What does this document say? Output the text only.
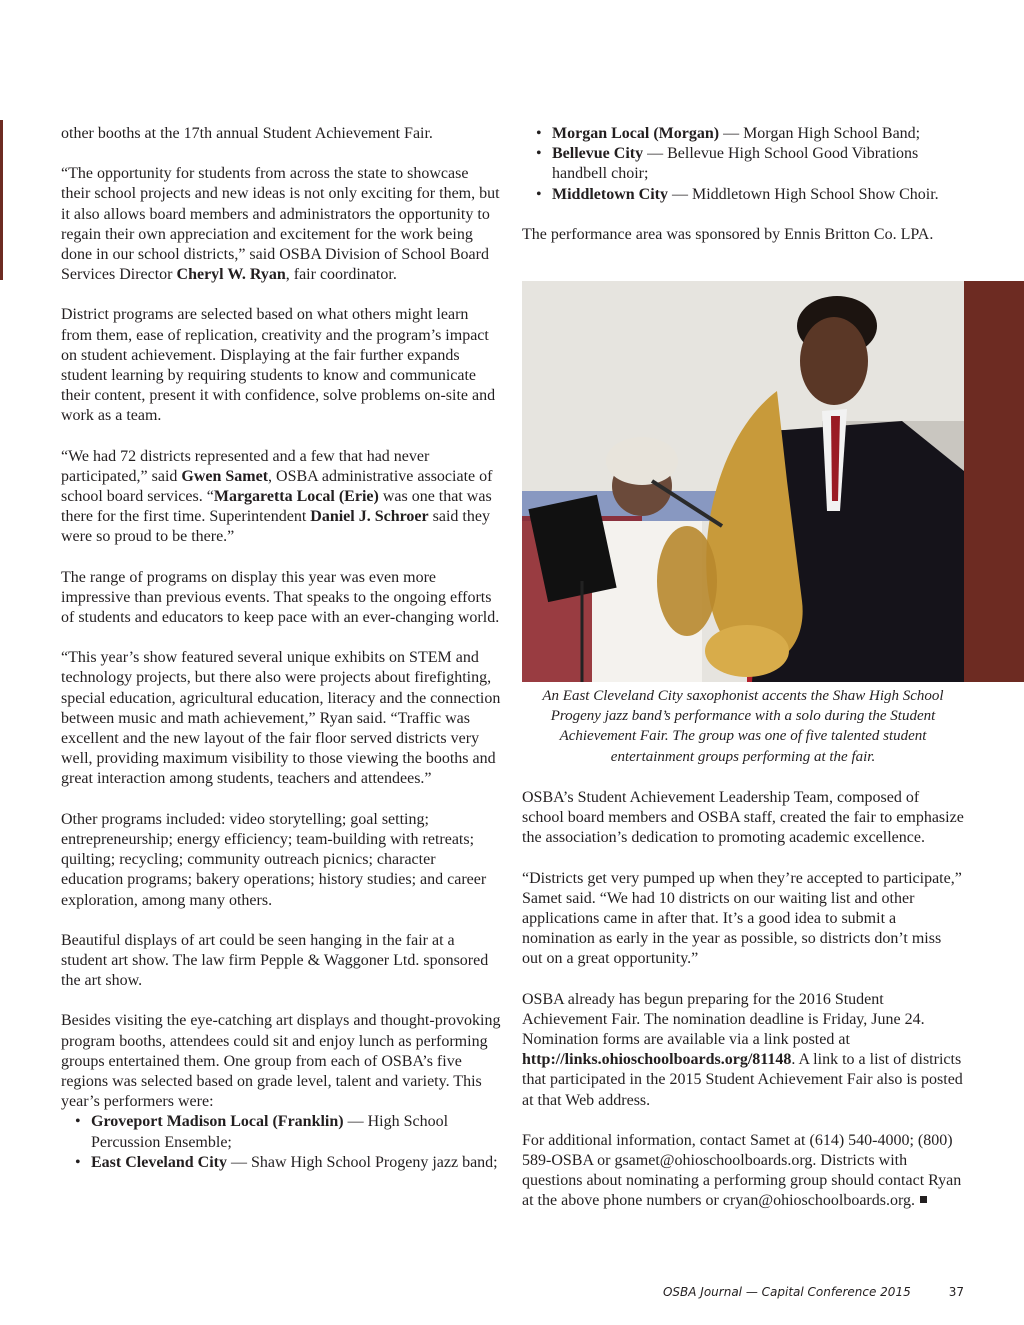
other booths at the 17th annual Student Achievement Fair.

“The opportunity for students from across the state to showcase their school projects and new ideas is not only exciting for them, but it also allows board members and administrators the opportunity to regain their own appreciation and excitement for the work being done in our school districts,” said OSBA Division of School Board Services Director Cheryl W. Ryan, fair coordinator.

District programs are selected based on what others might learn from them, ease of replication, creativity and the program’s impact on student achievement. Displaying at the fair further expands student learning by requiring students to know and communicate their content, present it with confidence, solve problems on-site and work as a team.

“We had 72 districts represented and a few that had never participated,” said Gwen Samet, OSBA administrative associate of school board services. “Margaretta Local (Erie) was one that was there for the first time. Superintendent Daniel J. Schroer said they were so proud to be there.”

The range of programs on display this year was even more impressive than previous events. That speaks to the ongoing efforts of students and educators to keep pace with an ever-changing world.

“This year’s show featured several unique exhibits on STEM and technology projects, but there also were projects about firefighting, special education, agricultural education, literacy and the connection between music and math achievement,” Ryan said. “Traffic was excellent and the new layout of the fair floor served districts very well, providing maximum visibility to those viewing the booths and great interaction among students, teachers and attendees.”

Other programs included: video storytelling; goal setting; entrepreneurship; energy efficiency; team-building with retreats; quilting; recycling; community outreach picnics; character education programs; bakery operations; history studies; and career exploration, among many others.

Beautiful displays of art could be seen hanging in the fair at a student art show. The law firm Pepple & Waggoner Ltd. sponsored the art show.

Besides visiting the eye-catching art displays and thought-provoking program booths, attendees could sit and enjoy lunch as performing groups entertained them. One group from each of OSBA’s five regions was selected based on grade level, talent and variety. This year’s performers were:

• Groveport Madison Local (Franklin) — High School Percussion Ensemble;
• East Cleveland City — Shaw High School Progeny jazz band;
• Morgan Local (Morgan) — Morgan High School Band;
• Bellevue City — Bellevue High School Good Vibrations handbell choir;
• Middletown City — Middletown High School Show Choir.

The performance area was sponsored by Ennis Britton Co. LPA.

An East Cleveland City saxophonist accents the Shaw High School Progeny jazz band’s performance with a solo during the Student Achievement Fair. The group was one of five talented student entertainment groups performing at the fair.

OSBA’s Student Achievement Leadership Team, composed of school board members and OSBA staff, created the fair to emphasize the association’s dedication to promoting academic excellence.

“Districts get very pumped up when they’re accepted to participate,” Samet said. “We had 10 districts on our waiting list and other applications came in after that. It’s a good idea to submit a nomination as early in the year as possible, so districts don’t miss out on a great opportunity.”

OSBA already has begun preparing for the 2016 Student Achievement Fair. The nomination deadline is Friday, June 24. Nomination forms are available via a link posted at http://links.ohioschoolboards.org/81148. A link to a list of districts that participated in the 2015 Student Achievement Fair also is posted at that Web address.

For additional information, contact Samet at (614) 540-4000; (800) 589-OSBA or gsamet@ohioschoolboards.org. Districts with questions about nominating a performing group should contact Ryan at the above phone numbers or cryan@ohioschoolboards.org.

OSBA Journal — Capital Conference 2015	37
